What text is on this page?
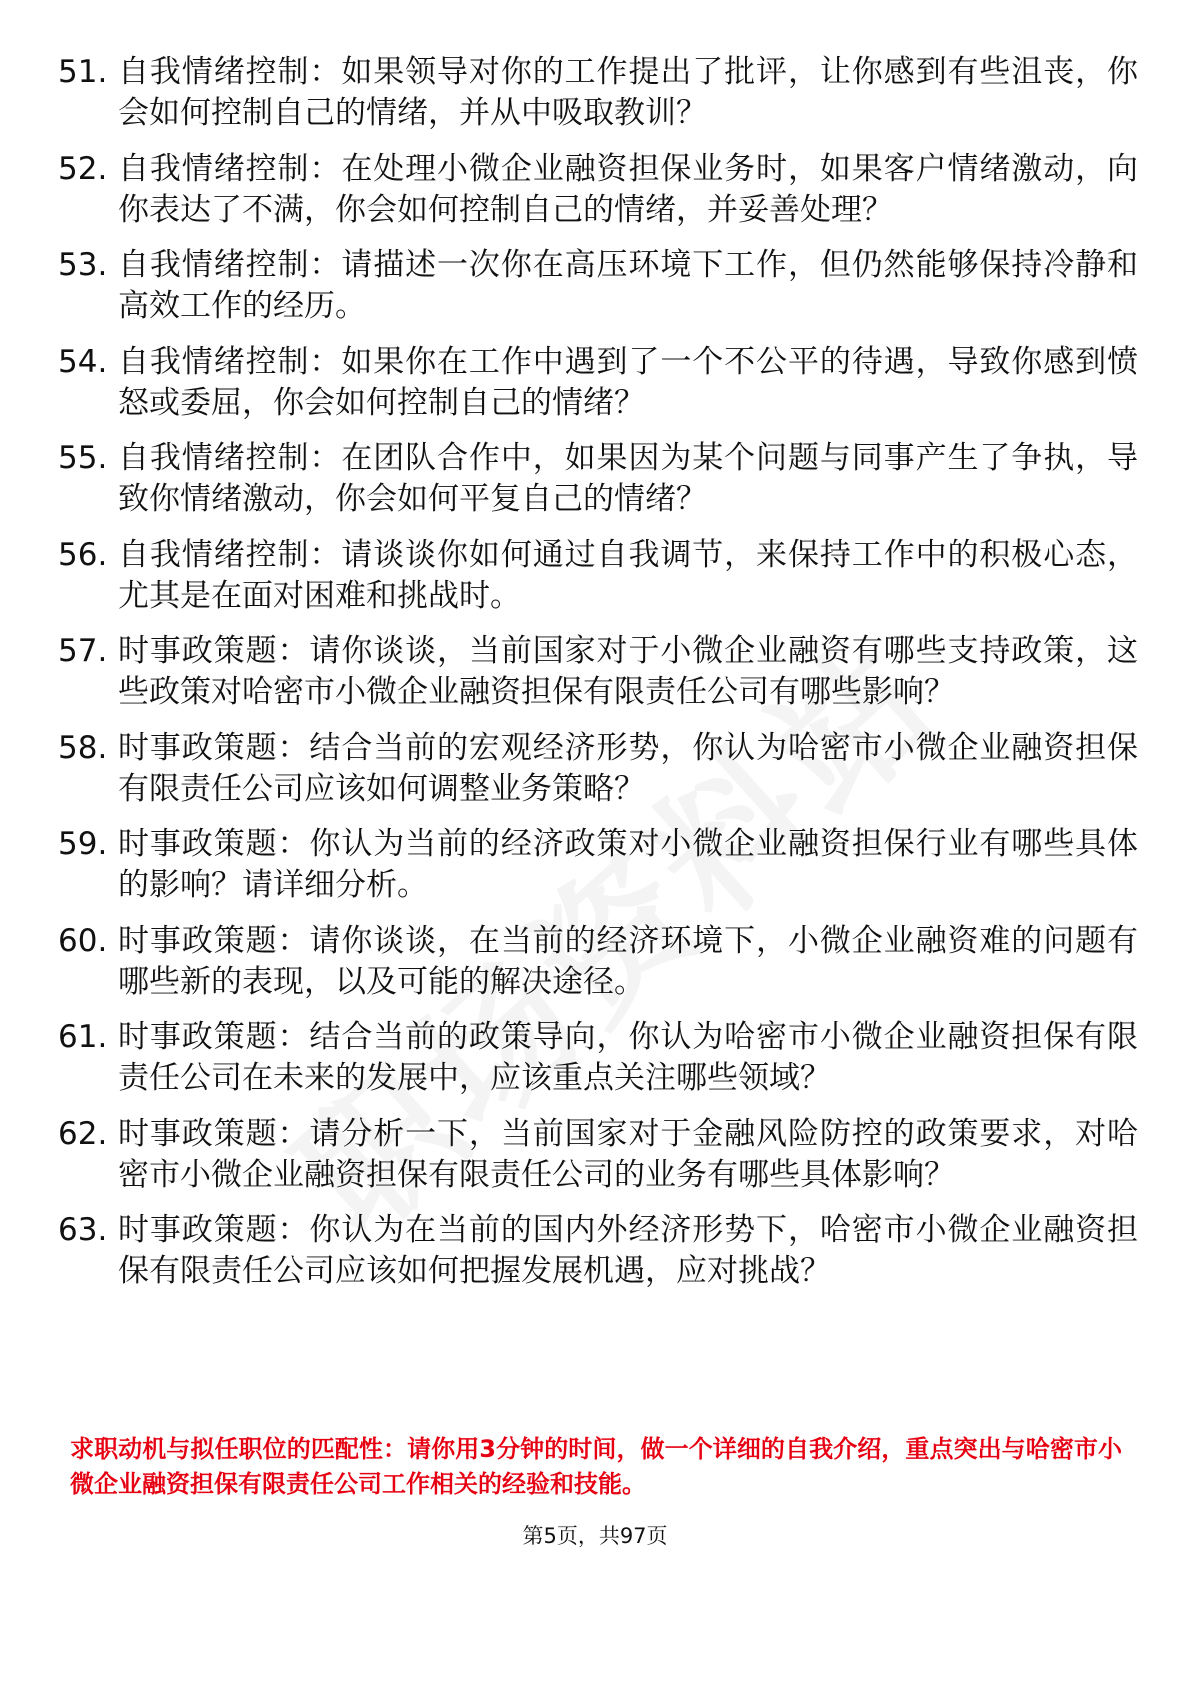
51. 自我情绪控制：如果领导对你的工作提出了批评，让你感到有些沮丧，你会如何控制自己的情绪，并从中吸取教训？
52. 自我情绪控制：在处理小微企业融资担保业务时，如果客户情绪激动，向你表达了不满，你会如何控制自己的情绪，并妥善处理？
53. 自我情绪控制：请描述一次你在高压环境下工作，但仍然能够保持冷静和高效工作的经历。
54. 自我情绪控制：如果你在工作中遇到了一个不公平的待遇，导致你感到愤怒或委屈，你会如何控制自己的情绪？
55. 自我情绪控制：在团队合作中，如果因为某个问题与同事产生了争执，导致你情绪激动，你会如何平复自己的情绪？
56. 自我情绪控制：请谈谈你如何通过自我调节，来保持工作中的积极心态，尤其是在面对困难和挑战时。
57. 时事政策题：请你谈谈，当前国家对于小微企业融资有哪些支持政策，这些政策对哈密市小微企业融资担保有限责任公司有哪些影响？
58. 时事政策题：结合当前的宏观经济形势，你认为哈密市小微企业融资担保有限责任公司应该如何调整业务策略？
59. 时事政策题：你认为当前的经济政策对小微企业融资担保行业有哪些具体的影响？请详细分析。
60. 时事政策题：请你谈谈，在当前的经济环境下，小微企业融资难的问题有哪些新的表现，以及可能的解决途径。
61. 时事政策题：结合当前的政策导向，你认为哈密市小微企业融资担保有限责任公司在未来的发展中，应该重点关注哪些领域？
62. 时事政策题：请分析一下，当前国家对于金融风险防控的政策要求，对哈密市小微企业融资担保有限责任公司的业务有哪些具体影响？
63. 时事政策题：你认为在当前的国内外经济形势下，哈密市小微企业融资担保有限责任公司应该如何把握发展机遇，应对挑战？
求职动机与拟任职位的匹配性：请你用3分钟的时间，做一个详细的自我介绍，重点突出与哈密市小微企业融资担保有限责任公司工作相关的经验和技能。
第5页，共97页
